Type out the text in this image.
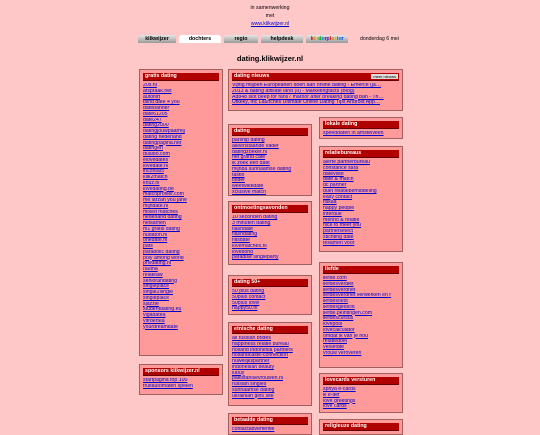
in samenwerking
met
www.klikwijzer.nl
klikwijzer	dochters	regio	helpdesk	kinderplezier	donderdag 6 mei
dating.klikwijzer.nl
gratis dating
20s.nl
afspraak.net
autoflirt
blind date 4 you
datebanner
date61205
date247
dating2000
datingjouwpaarmij
dating nederland
datingpagina.net
datingen
dualdo.com
elovedates
lovedate.nl
incontact
klik2match
knuz.nl
lovedating.be
matchprofiler.com
me larzan you jane
mijndate.nl
mixed matches
nederland dating
netsamen
m1 gratis dating
nudaton.nl
onedate.nl
pats
parabolic dating
poly among world
privdating.nl
rautha
relateaw
seniorandating
singleplace
single2single
singleplace
sjazzle
studentdating.eu
vigadatea
vitrdertea
yourdreamdate
sponsors klikwijzer.nl
startpagina top 100
fruitautomaten spelen
dating nieuws	meer nieuws
Vijftig miljoen Europeanen doen aan online dating - Emerce (ja…
2013 & dating affiliate land (II) - Marketingfacts (Blog)
Ad848 slot beep for fans? marrior after breaking dating ban - Th…
Utkeky, Inc Launches Ultimate Online Dating Tips Android App…
dating
parship dating
alleenstaande vader
datingzoeker.nl
het grand cafe
ik zoek een date
mijnba surinaamse dating
tastio
tinder
weetwiekdate
xclusive match
ontmoetingsavonden
10 seconden dating
3 minuten dating
flashdate
flashdating
flitsdate
lovematches.nl
lovebond
paradise singleparty
dating 50+
50 plus dating
50plus contact
50plus lovel
happy50.nl
etnische dating
all russian brides
happiness relatie bureau
holland indonesia partners
hollandcaste-connection
huwelijkspartner
indonesian beauty
lubuy
pakistanisevrouwen.nl
russian singles
surinaamse dating
ukrainian girls site
betaalde dating
contactadvertentie
lokale dating
speeddaten in amstelveen
relatiebureaus
alerte partnerbureau
constance sara
dateviste
date & match
dc partner
duet relatiebemiddeling
easy contact
fiskaa
happy people
interdue
menno & relatie
nice to meet you
partnerselect
stichting date
tesamen voor
liefde
liefde.com
liefdesverdiet
liefdesverdriet
liefdesverdriet verwerken en r
liefdesoest
liefdesgedicht
liefde.peintingen.com
liefdescursus
lovepool
lovecalculator
omdat ik van je hou
relatiedoel
verliefdte
vrouw veroveren
lovecards versturen
sphya e-cards
ili e-ltef
love greetings
love cards
religieuze dating
